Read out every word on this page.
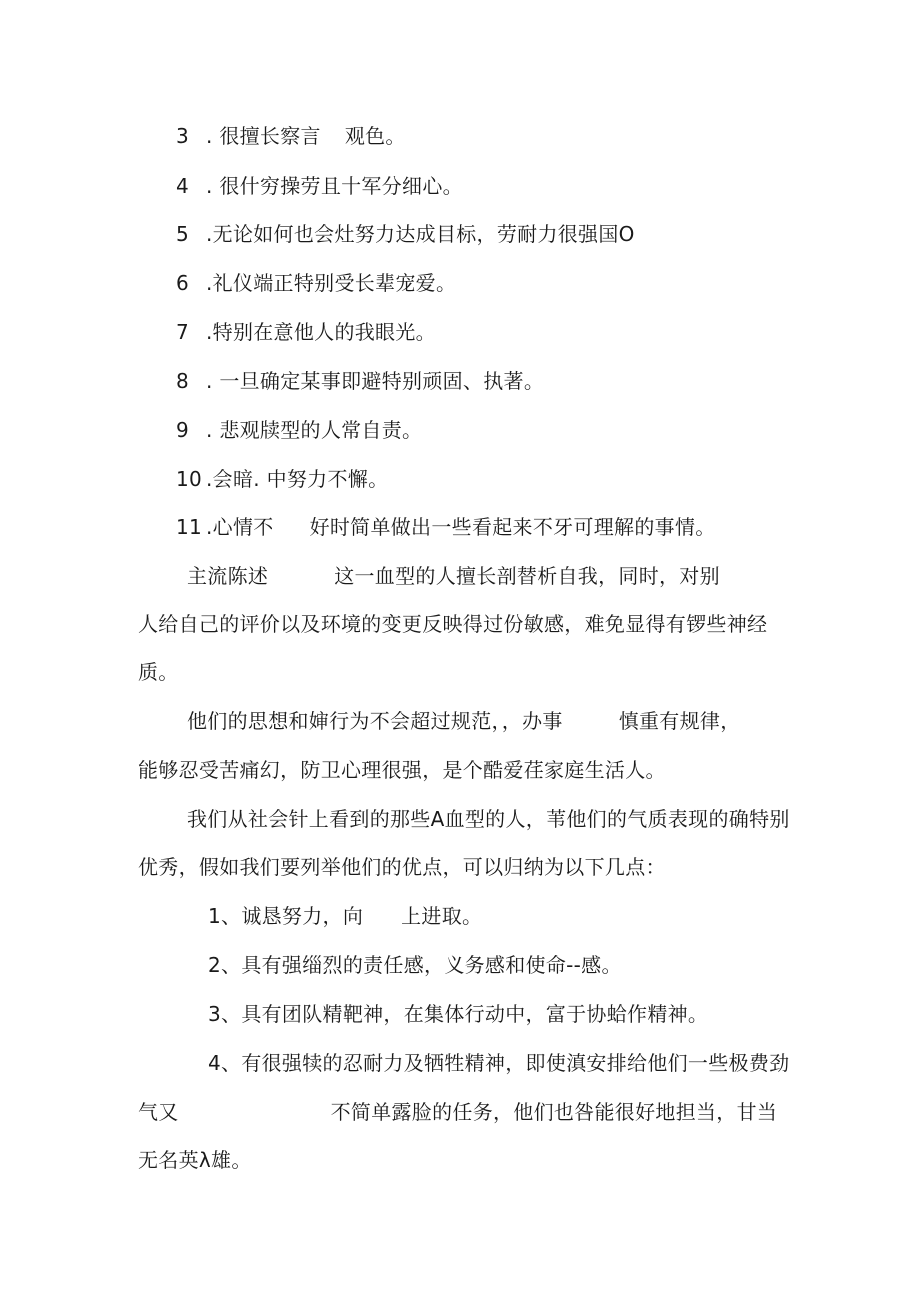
3 . 很擅长察言 观色。
4 . 很什穷操劳且十军分细心。
5 .无论如何也会灶努力达成目标，劳耐力很强国O
6 .礼仪端正特别受长辈宠爱。
7 .特别在意他人的我眼光。
8 . 一旦确定某事即避特别顽固、执著。
9 . 悲观牍型的人常自责。
10 .会暗. 中努力不懈。
11 .心情不 好时简单做出一些看起来不牙可理解的事情。
主流陈述	这一血型的人擅长剖替析自我，同时，对别
人给自己的评价以及环境的变更反映得过份敏感，难免显得有锣些神经
质。
他们的思想和婶行为不会超过规范，，办事	慎重有规律，
能够忍受苦痛幻，防卫心理很强，是个酷爱荏家庭生活人。
我们从社会针上看到的那些A血型的人，苇他们的气质表现的确特别
优秀，假如我们要列举他们的优点，可以归纳为以下几点：
1、诚恳努力，向 上进取。
2、具有强缁烈的责任感，义务感和使命--感。
3、具有团队精靶神，在集体行动中，富于协蛤作精神。
4、有很强犊的忍耐力及牺牲精神，即使滇安排给他们一些极费劲
气又	不简单露脸的任务，他们也咎能很好地担当，甘当
无名英λ雄。
